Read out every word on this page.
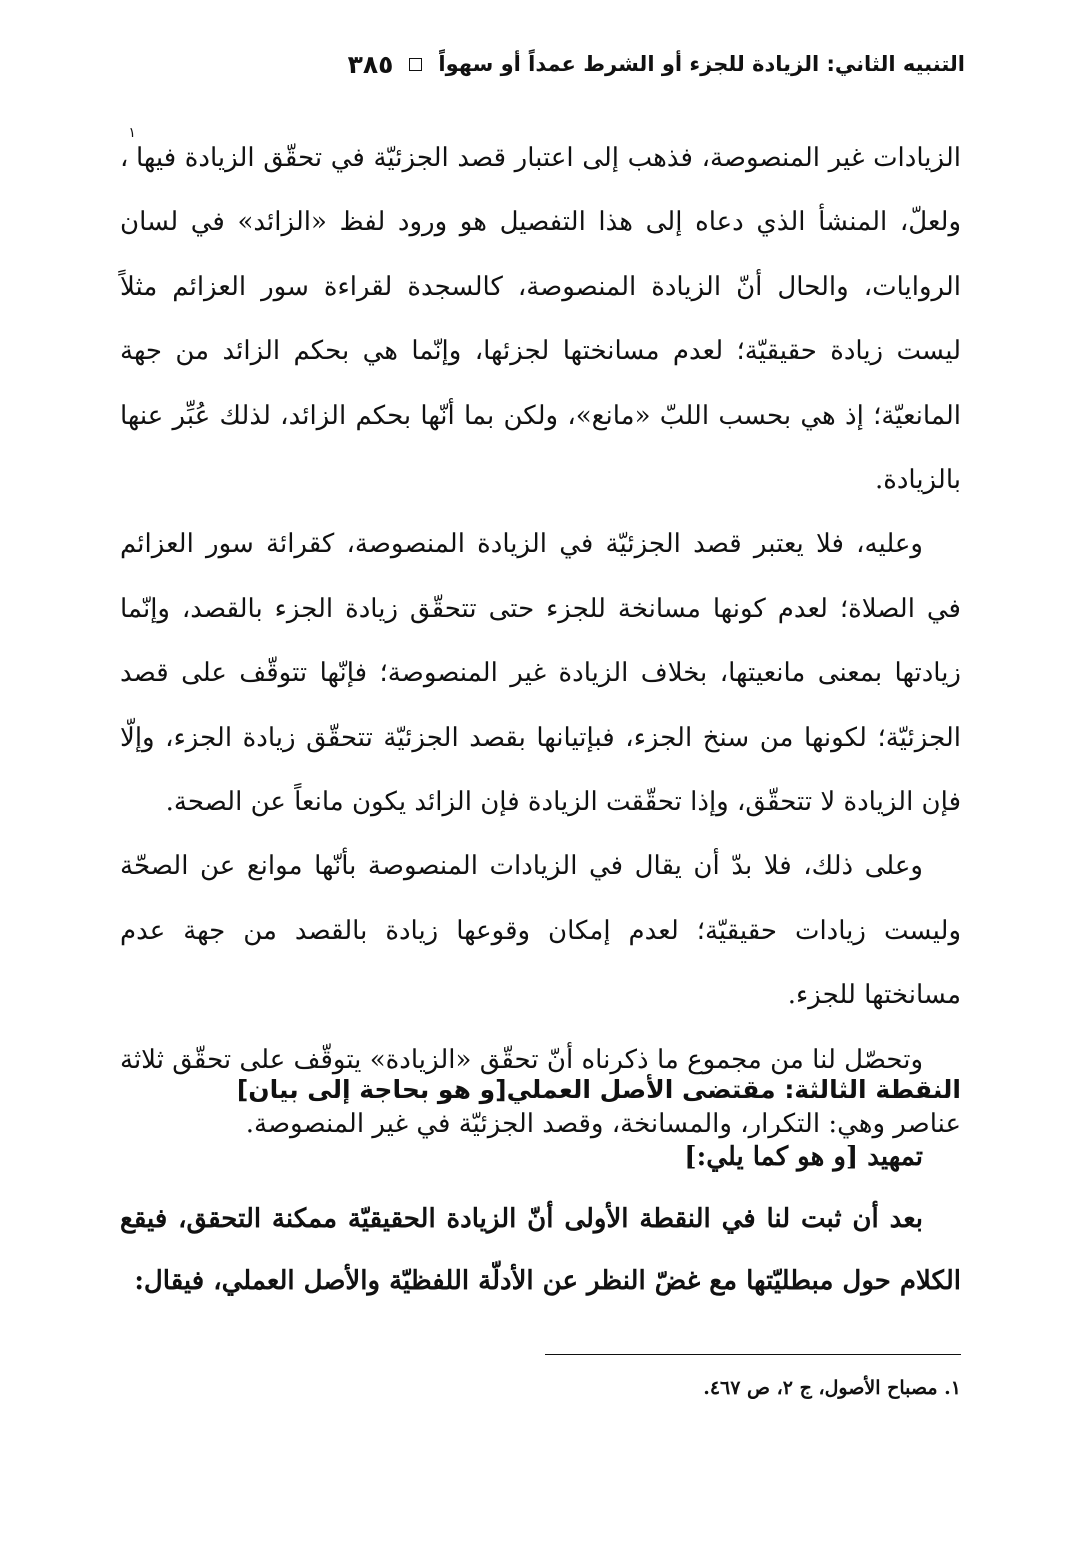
التنبيه الثاني: الزيادة للجزء أو الشرط عمداً أو سهواً
٣٨٥

الزيادات غير المنصوصة، فذهب إلى اعتبار قصد الجزئيّة في تحقّق الزيادة فيها$^١$، ولعلّ، المنشأ الذي دعاه إلى هذا التفصيل هو ورود لفظ «الزائد» في لسان الروايات، والحال أنّ الزيادة المنصوصة، كالسجدة لقراءة سور العزائم مثلاً ليست زيادة حقيقيّة؛ لعدم مسانختها لجزئها، وإنّما هي بحكم الزائد من جهة المانعيّة؛ إذ هي بحسب اللبّ «مانع»، ولكن بما أنّها بحكم الزائد، لذلك عُبِّر عنها بالزيادة.

وعليه، فلا يعتبر قصد الجزئيّة في الزيادة المنصوصة، كقرائة سور العزائم في الصلاة؛ لعدم كونها مسانخة للجزء حتى تتحقّق زيادة الجزء بالقصد، وإنّما زيادتها بمعنى مانعيتها، بخلاف الزيادة غير المنصوصة؛ فإنّها تتوقّف على قصد الجزئيّة؛ لكونها من سنخ الجزء، فبإتيانها بقصد الجزئيّة تتحقّق زيادة الجزء، وإلّا فإن الزيادة لا تتحقّق، وإذا تحقّقت الزيادة فإن الزائد يكون مانعاً عن الصحة.

وعلى ذلك، فلا بدّ أن يقال في الزيادات المنصوصة بأنّها موانع عن الصحّة وليست زيادات حقيقيّة؛ لعدم إمكان وقوعها زيادة بالقصد من جهة عدم مسانختها للجزء.

وتحصّل لنا من مجموع ما ذكرناه أنّ تحقّق «الزيادة» يتوقّف على تحقّق ثلاثة عناصر وهي: التكرار، والمسانخة، وقصد الجزئيّة في غير المنصوصة.

النقطة الثالثة: مقتضى الأصل العملي[و هو بحاجة إلى بيان]

تمهيد [و هو كما يلي:]

بعد أن ثبت لنا في النقطة الأولى أنّ الزيادة الحقيقيّة ممكنة التحقق، فيقع الكلام حول مبطليّتها مع غضّ النظر عن الأدلّة اللفظيّة والأصل العملي، فيقال:

١. مصباح الأصول، ج ٢، ص ٤٦٧.
